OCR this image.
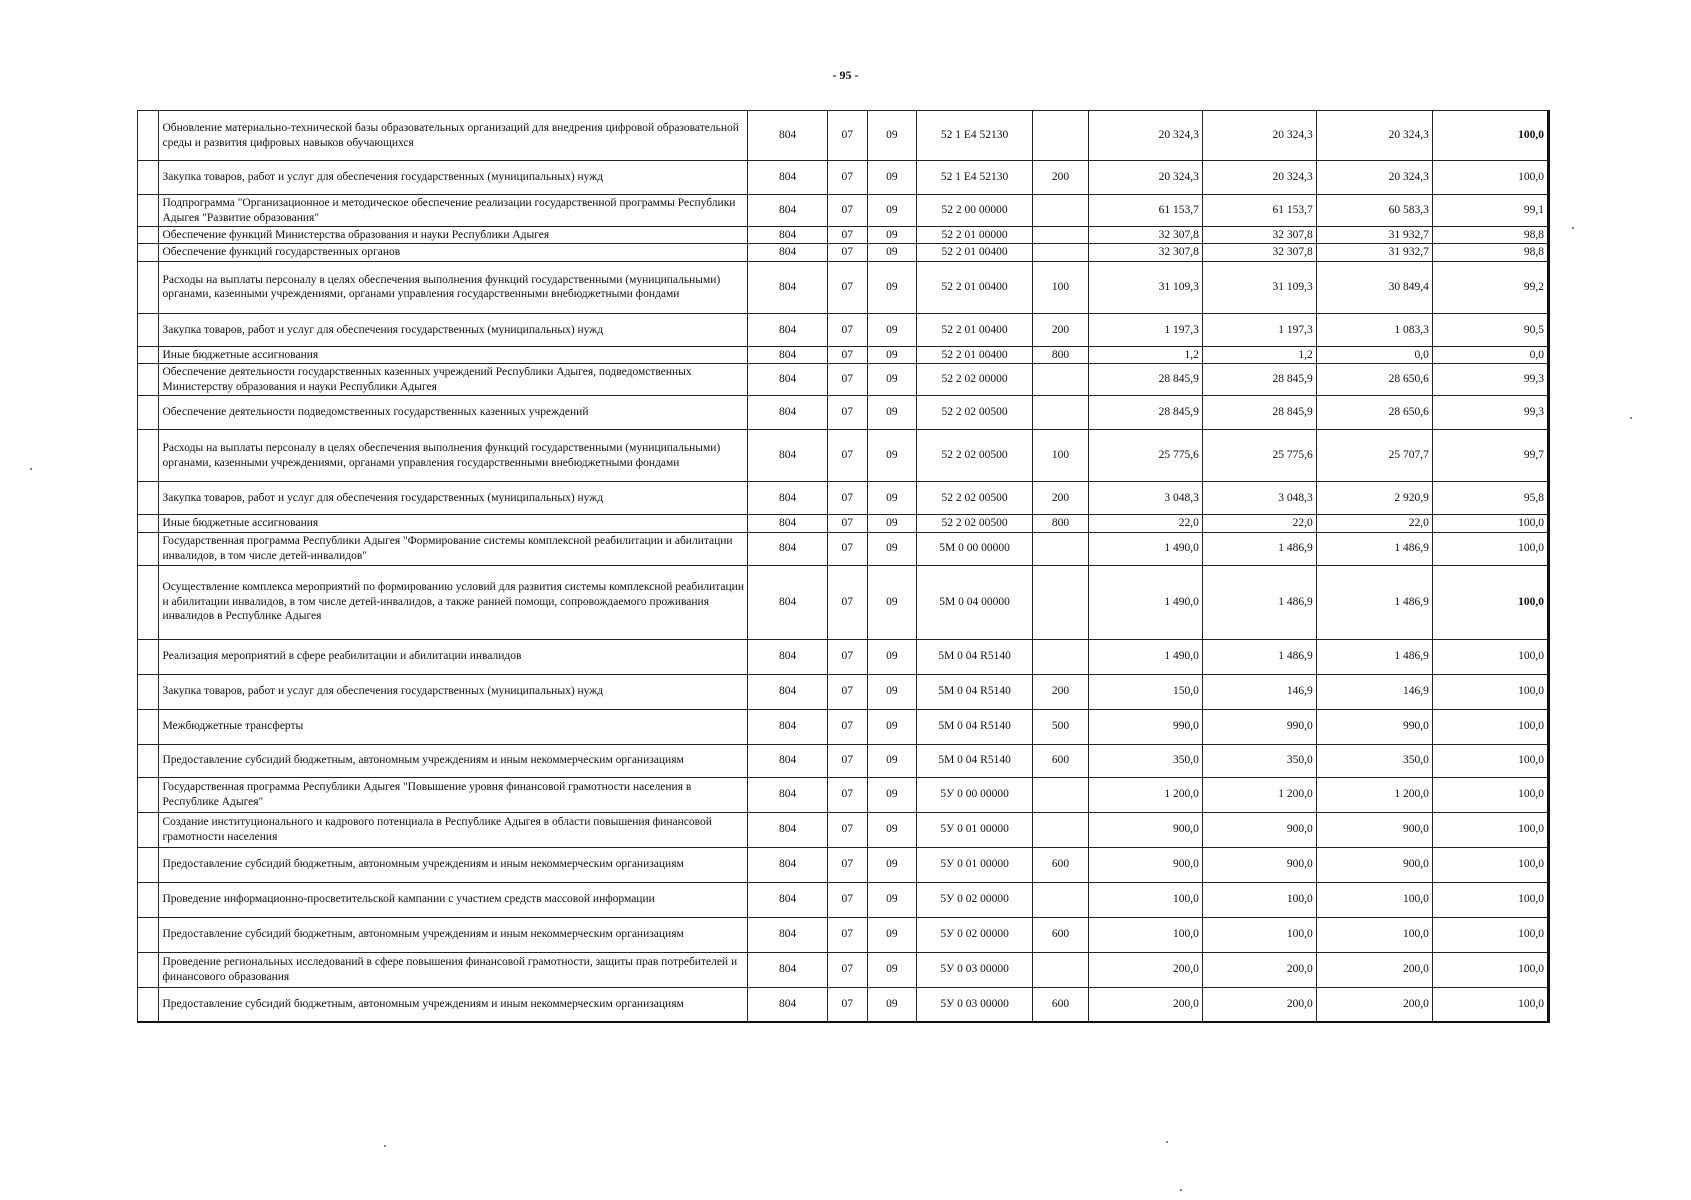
- 95 -
	Обновление материально-технической базы образовательных организаций для внедрения цифровой образовательной среды и развития цифровых навыков обучающихся	804	07	09	52 1 E4 52130		20 324,3	20 324,3	20 324,3	100,0
	Закупка товаров, работ и услуг для обеспечения государственных (муниципальных) нужд	804	07	09	52 1 E4 52130	200	20 324,3	20 324,3	20 324,3	100,0
	Подпрограмма "Организационное и методическое обеспечение реализации государственной программы Республики Адыгея "Развитие образования"	804	07	09	52 2 00 00000		61 153,7	61 153,7	60 583,3	99,1
	Обеспечение функций Министерства образования и науки Республики Адыгея	804	07	09	52 2 01 00000		32 307,8	32 307,8	31 932,7	98,8
	Обеспечение функций государственных органов	804	07	09	52 2 01 00400		32 307,8	32 307,8	31 932,7	98,8
	Расходы на выплаты персоналу в целях обеспечения выполнения функций государственными (муниципальными) органами, казенными учреждениями, органами управления государственными внебюджетными фондами	804	07	09	52 2 01 00400	100	31 109,3	31 109,3	30 849,4	99,2
	Закупка товаров, работ и услуг для обеспечения государственных (муниципальных) нужд	804	07	09	52 2 01 00400	200	1 197,3	1 197,3	1 083,3	90,5
	Иные бюджетные ассигнования	804	07	09	52 2 01 00400	800	1,2	1,2	0,0	0,0
	Обеспечение деятельности государственных казенных учреждений Республики Адыгея, подведомственных Министерству образования и науки Республики Адыгея	804	07	09	52 2 02 00000		28 845,9	28 845,9	28 650,6	99,3
	Обеспечение деятельности подведомственных государственных казенных учреждений	804	07	09	52 2 02 00500		28 845,9	28 845,9	28 650,6	99,3
	Расходы на выплаты персоналу в целях обеспечения выполнения функций государственными (муниципальными) органами, казенными учреждениями, органами управления государственными внебюджетными фондами	804	07	09	52 2 02 00500	100	25 775,6	25 775,6	25 707,7	99,7
	Закупка товаров, работ и услуг для обеспечения государственных (муниципальных) нужд	804	07	09	52 2 02 00500	200	3 048,3	3 048,3	2 920,9	95,8
	Иные бюджетные ассигнования	804	07	09	52 2 02 00500	800	22,0	22,0	22,0	100,0
	Государственная программа Республики Адыгея "Формирование системы комплексной реабилитации и абилитации инвалидов, в том числе детей-инвалидов"	804	07	09	5М 0 00 00000		1 490,0	1 486,9	1 486,9	100,0
	Осуществление комплекса мероприятий по формированию условий для развития системы комплексной реабилитации и абилитации инвалидов, в том числе детей-инвалидов, а также ранней помощи, сопровождаемого проживания инвалидов в Республике Адыгея	804	07	09	5М 0 04 00000		1 490,0	1 486,9	1 486,9	100,0
	Реализация мероприятий в сфере реабилитации и абилитации инвалидов	804	07	09	5М 0 04 R5140		1 490,0	1 486,9	1 486,9	100,0
	Закупка товаров, работ и услуг для обеспечения государственных (муниципальных) нужд	804	07	09	5М 0 04 R5140	200	150,0	146,9	146,9	100,0
	Межбюджетные трансферты	804	07	09	5М 0 04 R5140	500	990,0	990,0	990,0	100,0
	Предоставление субсидий бюджетным, автономным учреждениям и иным некоммерческим организациям	804	07	09	5М 0 04 R5140	600	350,0	350,0	350,0	100,0
	Государственная программа Республики Адыгея "Повышение уровня финансовой грамотности населения в Республике Адыгея"	804	07	09	5У 0 00 00000		1 200,0	1 200,0	1 200,0	100,0
	Создание институционального и кадрового потенциала в Республике Адыгея в области повышения финансовой грамотности населения	804	07	09	5У 0 01 00000		900,0	900,0	900,0	100,0
	Предоставление субсидий бюджетным, автономным учреждениям и иным некоммерческим организациям	804	07	09	5У 0 01 00000	600	900,0	900,0	900,0	100,0
	Проведение информационно-просветительской кампании с участием средств массовой информации	804	07	09	5У 0 02 00000		100,0	100,0	100,0	100,0
	Предоставление субсидий бюджетным, автономным учреждениям и иным некоммерческим организациям	804	07	09	5У 0 02 00000	600	100,0	100,0	100,0	100,0
	Проведение региональных исследований в сфере повышения финансовой грамотности, защиты прав потребителей и финансового образования	804	07	09	5У 0 03 00000		200,0	200,0	200,0	100,0
	Предоставление субсидий бюджетным, автономным учреждениям и иным некоммерческим организациям	804	07	09	5У 0 03 00000	600	200,0	200,0	200,0	100,0
